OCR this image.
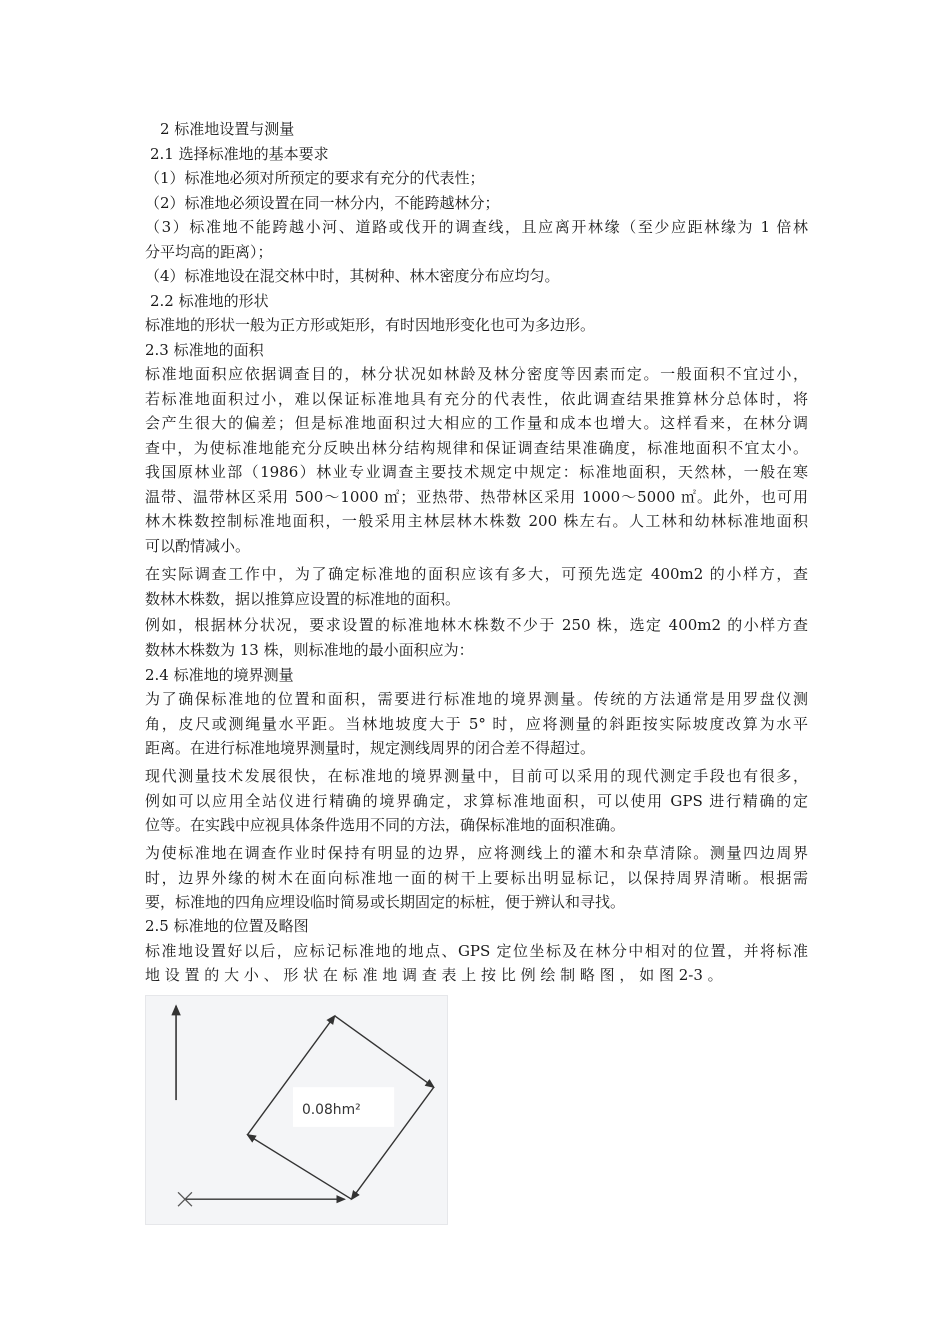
2 标准地设置与测量
2.1 选择标准地的基本要求
（1）标准地必须对所预定的要求有充分的代表性；
（2）标准地必须设置在同一林分内，不能跨越林分；
（3）标准地不能跨越小河、道路或伐开的调查线，且应离开林缘（至少应距林缘为 1 倍林
分平均高的距离）；
（4）标准地设在混交林中时，其树种、林木密度分布应均匀。
2.2 标准地的形状
标准地的形状一般为正方形或矩形，有时因地形变化也可为多边形。
2.3 标准地的面积
标准地面积应依据调查目的，林分状况如林龄及林分密度等因素而定。一般面积不宜过小，
若标准地面积过小，难以保证标准地具有充分的代表性，依此调查结果推算林分总体时，将
会产生很大的偏差；但是标准地面积过大相应的工作量和成本也增大。这样看来，在林分调
查中，为使标准地能充分反映出林分结构规律和保证调查结果准确度，标准地面积不宜太小。
我国原林业部（1986）林业专业调查主要技术规定中规定：标准地面积，天然林，一般在寒
温带、温带林区采用 500～1000 ㎡；亚热带、热带林区采用 1000～5000 ㎡。此外，也可用
林木株数控制标准地面积，一般采用主林层林木株数 200 株左右。人工林和幼林标准地面积
可以酌情减小。
在实际调查工作中，为了确定标准地的面积应该有多大，可预先选定 400m2 的小样方，查
数林木株数，据以推算应设置的标准地的面积。
例如，根据林分状况，要求设置的标准地林木株数不少于 250 株，选定 400m2 的小样方查
数林木株数为 13 株，则标准地的最小面积应为：
2.4 标准地的境界测量
为了确保标准地的位置和面积，需要进行标准地的境界测量。传统的方法通常是用罗盘仪测
角，皮尺或测绳量水平距。当林地坡度大于 5° 时，应将测量的斜距按实际坡度改算为水平
距离。在进行标准地境界测量时，规定测线周界的闭合差不得超过。
现代测量技术发展很快，在标准地的境界测量中，目前可以采用的现代测定手段也有很多，
例如可以应用全站仪进行精确的境界确定，求算标准地面积，可以使用 GPS 进行精确的定
位等。在实践中应视具体条件选用不同的方法，确保标准地的面积准确。
为使标准地在调查作业时保持有明显的边界，应将测线上的灌木和杂草清除。测量四边周界
时，边界外缘的树木在面向标准地一面的树干上要标出明显标记，以保持周界清晰。根据需
要，标准地的四角应埋设临时简易或长期固定的标桩，便于辨认和寻找。
2.5 标准地的位置及略图
标准地设置好以后，应标记标准地的地点、GPS 定位坐标及在林分中相对的位置，并将标准
地 设 置 的 大 小 、 形 状 在 标 准 地 调 查 表 上 按 比 例 绘 制 略 图 ， 如 图 2-3 。
0.08hm²
